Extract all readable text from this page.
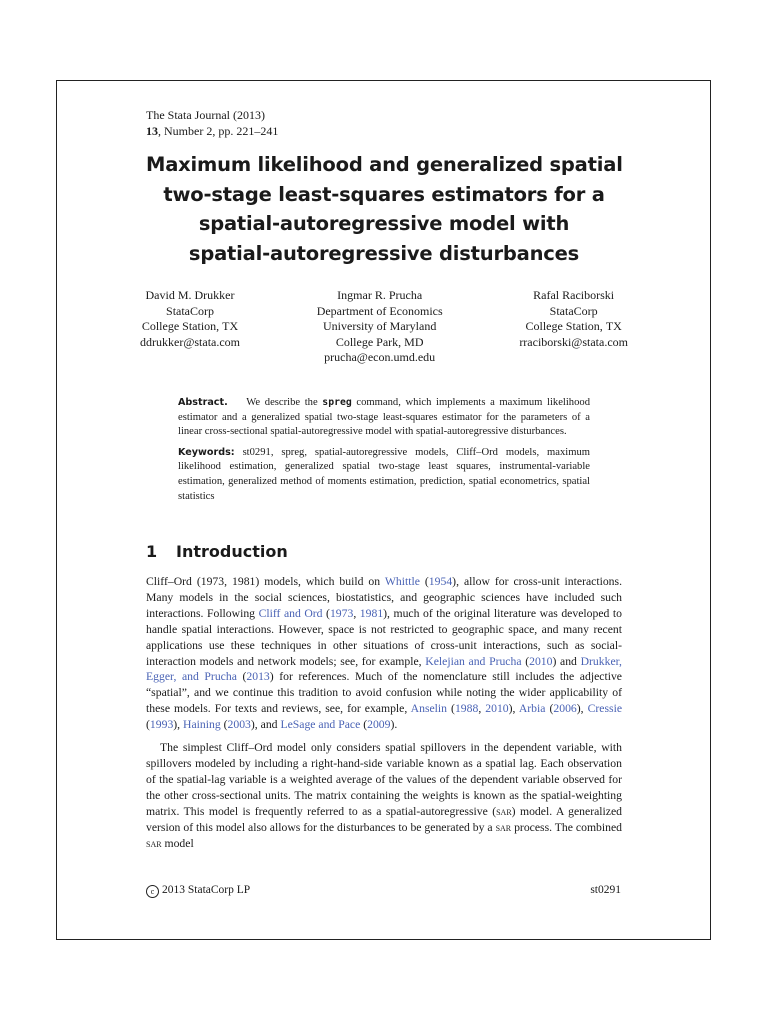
The Stata Journal (2013)
13, Number 2, pp. 221–241
Maximum likelihood and generalized spatial
two-stage least-squares estimators for a
spatial-autoregressive model with
spatial-autoregressive disturbances
David M. Drukker
StataCorp
College Station, TX
ddrukker@stata.com
Ingmar R. Prucha
Department of Economics
University of Maryland
College Park, MD
prucha@econ.umd.edu
Rafal Raciborski
StataCorp
College Station, TX
rraciborski@stata.com

Abstract. We describe the spreg command, which implements a maximum likelihood estimator and a generalized spatial two-stage least-squares estimator for the parameters of a linear cross-sectional spatial-autoregressive model with spatial-autoregressive disturbances.

Keywords: st0291, spreg, spatial-autoregressive models, Cliff–Ord models, maximum likelihood estimation, generalized spatial two-stage least squares, instrumental-variable estimation, generalized method of moments estimation, prediction, spatial econometrics, spatial statistics

1 Introduction

Cliff–Ord (1973, 1981) models, which build on Whittle (1954), allow for cross-unit interactions. Many models in the social sciences, biostatistics, and geographic sciences have included such interactions. Following Cliff and Ord (1973, 1981), much of the original literature was developed to handle spatial interactions. However, space is not restricted to geographic space, and many recent applications use these techniques in other situations of cross-unit interactions, such as social-interaction models and network models; see, for example, Kelejian and Prucha (2010) and Drukker, Egger, and Prucha (2013) for references. Much of the nomenclature still includes the adjective “spatial”, and we continue this tradition to avoid confusion while noting the wider applicability of these models. For texts and reviews, see, for example, Anselin (1988, 2010), Arbia (2006), Cressie (1993), Haining (2003), and LeSage and Pace (2009).

The simplest Cliff–Ord model only considers spatial spillovers in the dependent variable, with spillovers modeled by including a right-hand-side variable known as a spatial lag. Each observation of the spatial-lag variable is a weighted average of the values of the dependent variable observed for the other cross-sectional units. The matrix containing the weights is known as the spatial-weighting matrix. This model is frequently referred to as a spatial-autoregressive (sar) model. A generalized version of this model also allows for the disturbances to be generated by a sar process. The combined sar model

c 2013 StataCorp LP	st0291
